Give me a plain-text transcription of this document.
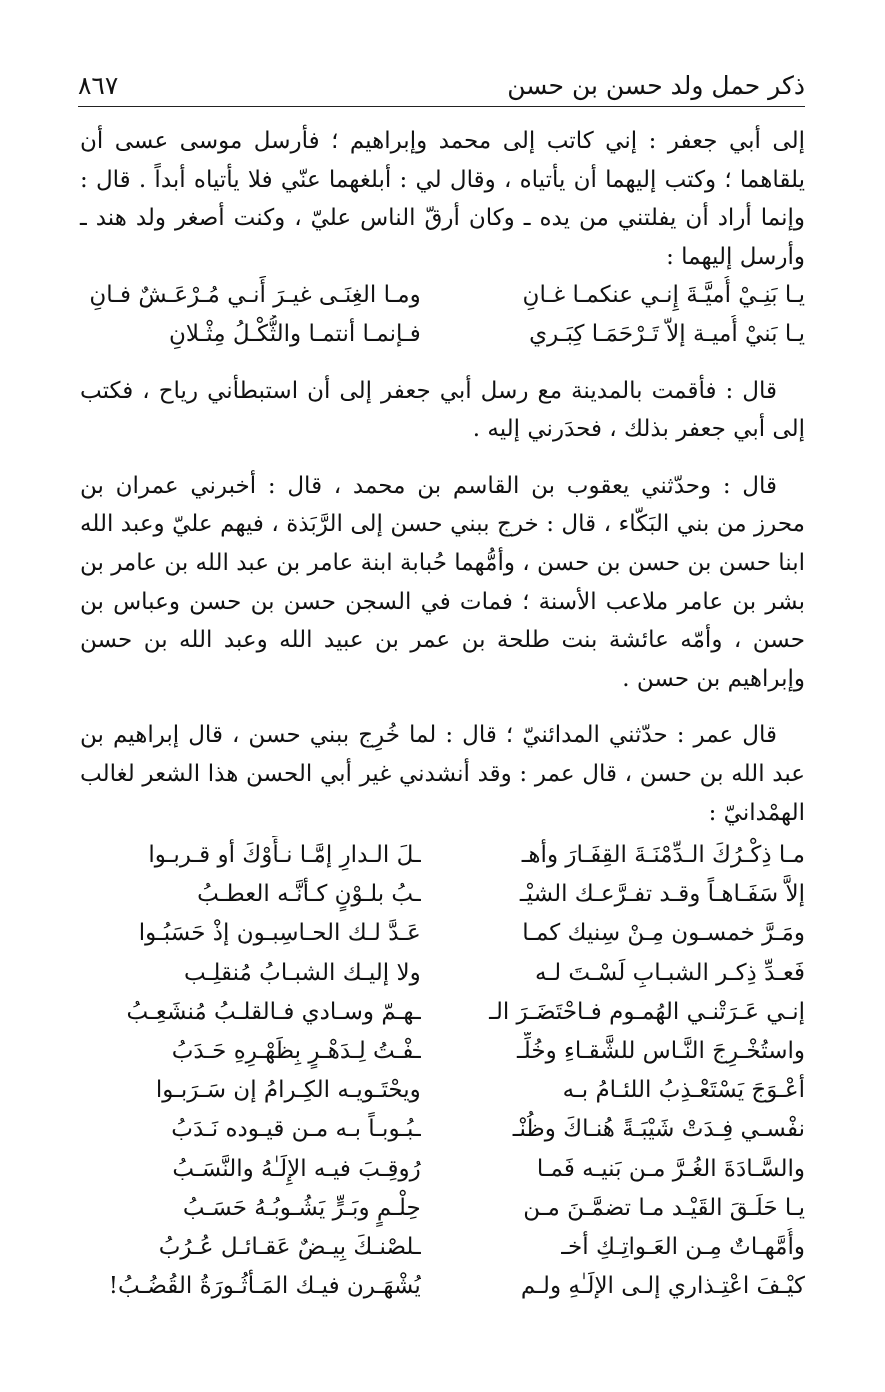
ذكر حمل ولد حسن بن حسن
٨٦٧

إلى أبي جعفر : إني كاتب إلى محمد وإبراهيم ؛ فأرسل موسى عسى أن يلقاهما ؛ وكتب إليهما أن يأتياه ، وقال لي : أبلغهما عنّي فلا يأتياه أبداً . قال : وإنما أراد أن يفلتني من يده ـ وكان أرقّ الناس عليّ ، وكنت أصغر ولد هند ـ وأرسل إليهما :

يـا بَنِـيْ أُميَّـةَ إِنـي عنكمـا غـانِ
ومـا الغِنَـى غيـرَ أَنـي مُـرْعَـشٌ فـانِ
يـا بَنيْ أُميـة إلاّ تَـرْحَمَـا كِبَـري
فـإنمـا أنتمـا والثُّكْـلُ مِثْـلانِ

قال : فأقمت بالمدينة مع رسل أبي جعفر إلى أن استبطأني رياح ، فكتب إلى أبي جعفر بذلك ، فحدَرني إليه .

قال : وحدّثني يعقوب بن القاسم بن محمد ، قال : أخبرني عمران بن محرز من بني البَكّاء ، قال : خرج ببني حسن إلى الرَّبَذة ، فيهم عليّ وعبد الله ابنا حسن بن حسن بن حسن ، وأمُّهما حُبابة ابنة عامر بن عبد الله بن عامر بن بشر بن عامر ملاعب الأسنة ؛ فمات في السجن حسن بن حسن وعباس بن حسن ، وأمّه عائشة بنت طلحة بن عمر بن عبيد الله وعبد الله بن حسن وإبراهيم بن حسن .

قال عمر : حدّثني المدائنيّ ؛ قال : لما خُرِج ببني حسن ، قال إبراهيم بن عبد الله بن حسن ، قال عمر : وقد أنشدني غير أبي الحسن هذا الشعر لغالب الهمْدانيّ :

مـا ذِكْـرُكَ الـدِّمْنَـةَ القِفَـارَ وأهـ
ـلَ الـدارِ إمَّـا نـأَوْكَ أو قـربـوا
إلاَّ سَفَـاهـاً وقـد تفـرَّعـك الشيْـ
ـبُ بلـوْنٍ كـأنَّـه العطـبُ
ومَـرَّ خمسـون مِـنْ سِنيك كمـا
عَـدَّ لـك الحـاسِبـون إذْ حَسَبُـوا
فَعـدِّ ذِكـر الشبـابِ لَسْـتَ لـه
ولا إليـك الشبـابُ مُنقلِـب
إنـي عَـرَتْنـي الهُمـوم فـاحْتَضَـرَ الـ
ـهـمّ وسـادي فـالقلـبُ مُنشَعِـبُ
واستُخْـرِجَ النَّـاس للشَّقـاءِ وخُلِّـ
ـفْـتُ لِـدَهْـرٍ بِظَهْـرِهِ حَـدَبُ
أعْـوَجَ يَسْتَعْـذِبُ اللئـامُ بـه
ويحْتَـويـه الكِـرامُ إن سَـرَبـوا
نفْسـي فِـدَتْ شَيْبَـةً هُنـاكَ وظُنْـ
ـبُـوبـاً بـه مـن قيـوده نَـدَبُ
والسَّـادَةَ الغُـرَّ مـن بَنيـه فَمـا
رُوقِـبَ فيـه الإِلَـٰهُ والنَّسَـبُ
يـا حَلَـقَ القَيْـد مـا تضمَّـنَ مـن
حِلْـمٍ وبَـرٍّ يَشُـوبُـهُ حَسَـبُ
وأُمَّهـاتٌ مِـن العَـواتِـكِ أخـ
ـلصْنـكَ بِيـضٌ عَقـائـل عُـرُبُ
كيْـفَ اعْتِـذاري إلـى الإلَـٰهِ ولـم
يُشْهَـرن فيـك المَـأثُـورَةُ القُضُـبُ!
